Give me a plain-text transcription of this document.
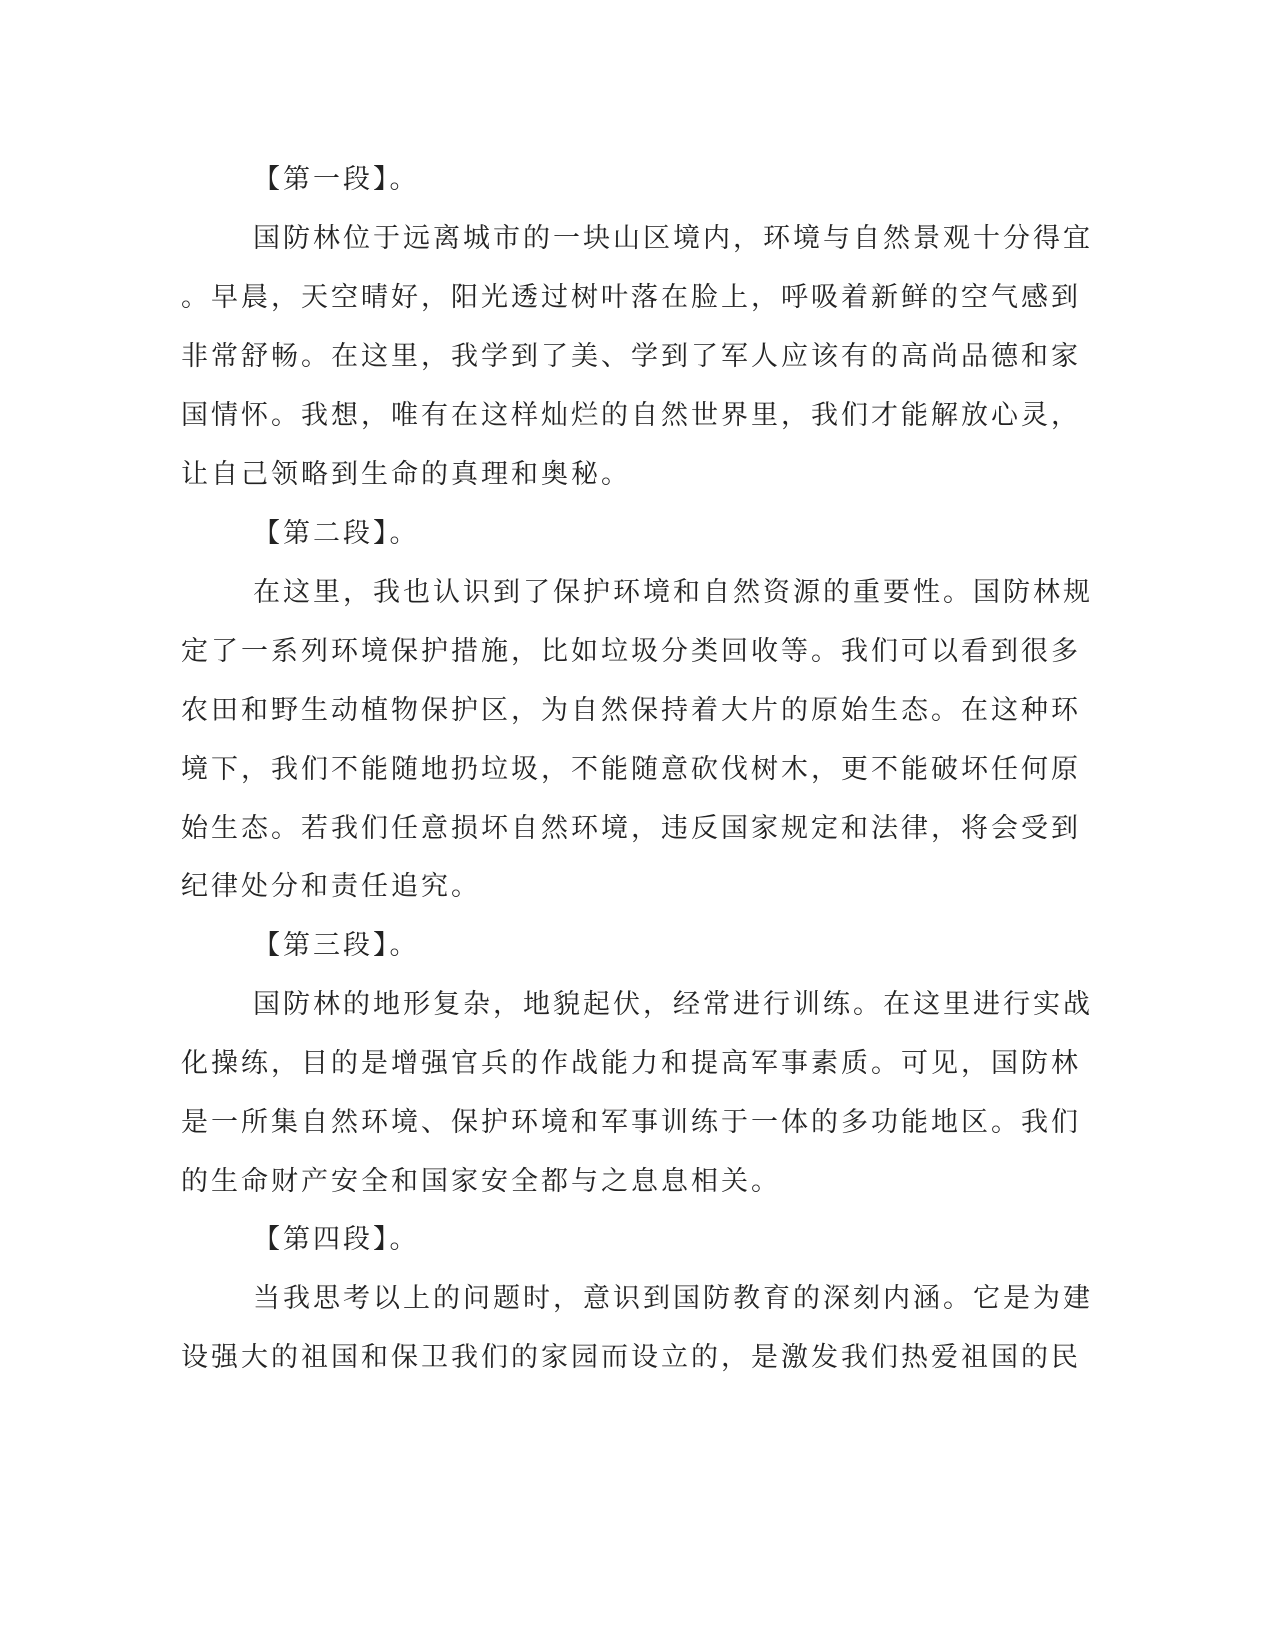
【第一段】。
国防林位于远离城市的一块山区境内，环境与自然景观十分得宜
。早晨，天空晴好，阳光透过树叶落在脸上，呼吸着新鲜的空气感到
非常舒畅。在这里，我学到了美、学到了军人应该有的高尚品德和家
国情怀。我想，唯有在这样灿烂的自然世界里，我们才能解放心灵，
让自己领略到生命的真理和奥秘。
【第二段】。
在这里，我也认识到了保护环境和自然资源的重要性。国防林规
定了一系列环境保护措施，比如垃圾分类回收等。我们可以看到很多
农田和野生动植物保护区，为自然保持着大片的原始生态。在这种环
境下，我们不能随地扔垃圾，不能随意砍伐树木，更不能破坏任何原
始生态。若我们任意损坏自然环境，违反国家规定和法律，将会受到
纪律处分和责任追究。
【第三段】。
国防林的地形复杂，地貌起伏，经常进行训练。在这里进行实战
化操练，目的是增强官兵的作战能力和提高军事素质。可见，国防林
是一所集自然环境、保护环境和军事训练于一体的多功能地区。我们
的生命财产安全和国家安全都与之息息相关。
【第四段】。
当我思考以上的问题时，意识到国防教育的深刻内涵。它是为建
设强大的祖国和保卫我们的家园而设立的，是激发我们热爱祖国的民
